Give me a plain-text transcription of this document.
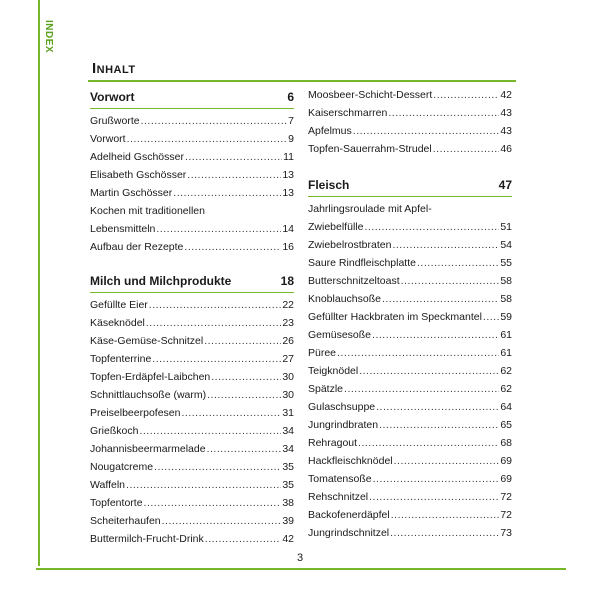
INDEX
Inhalt
Vorwort	6
Grußworte .....	7
Vorwort .....	9
Adelheid Gschösser .....	11
Elisabeth Gschösser .....	13
Martin Gschösser .....	13
Kochen mit traditionellen
Lebensmitteln .....	14
Aufbau der Rezepte .....	16
Milch und Milchprodukte	18
Gefüllte Eier .....	22
Käseknödel .....	23
Käse-Gemüse-Schnitzel .....	26
Topfenterrine .....	27
Topfen-Erdäpfel-Laibchen .....	30
Schnittlauchsoße (warm) .....	30
Preiselbeerpofesen .....	31
Grießkoch .....	34
Johannisbeermarmelade .....	34
Nougatcreme .....	35
Waffeln .....	35
Topfentorte .....	38
Scheiterhaufen .....	39
Buttermilch-Frucht-Drink .....	42
Moosbeer-Schicht-Dessert .....	42
Kaiserschmarren .....	43
Apfelmus .....	43
Topfen-Sauerrahm-Strudel .....	46
Fleisch	47
Jahrlingsroulade mit Apfel-
Zwiebelfülle .....	51
Zwiebelrostbraten .....	54
Saure Rindfleischplatte .....	55
Butterschnitzeltoast .....	58
Knoblauchsoße .....	58
Gefüllter Hackbraten im Speckmantel ..... 59
Gemüsesoße .....	61
Püree .....	61
Teigknödel .....	62
Spätzle .....	62
Gulaschsuppe .....	64
Jungrindbraten .....	65
Rehragout .....	68
Hackfleischknödel .....	69
Tomatensoße .....	69
Rehschnitzel .....	72
Backofenerdäpfel .....	72
Jungrindschnitzel .....	73
3
